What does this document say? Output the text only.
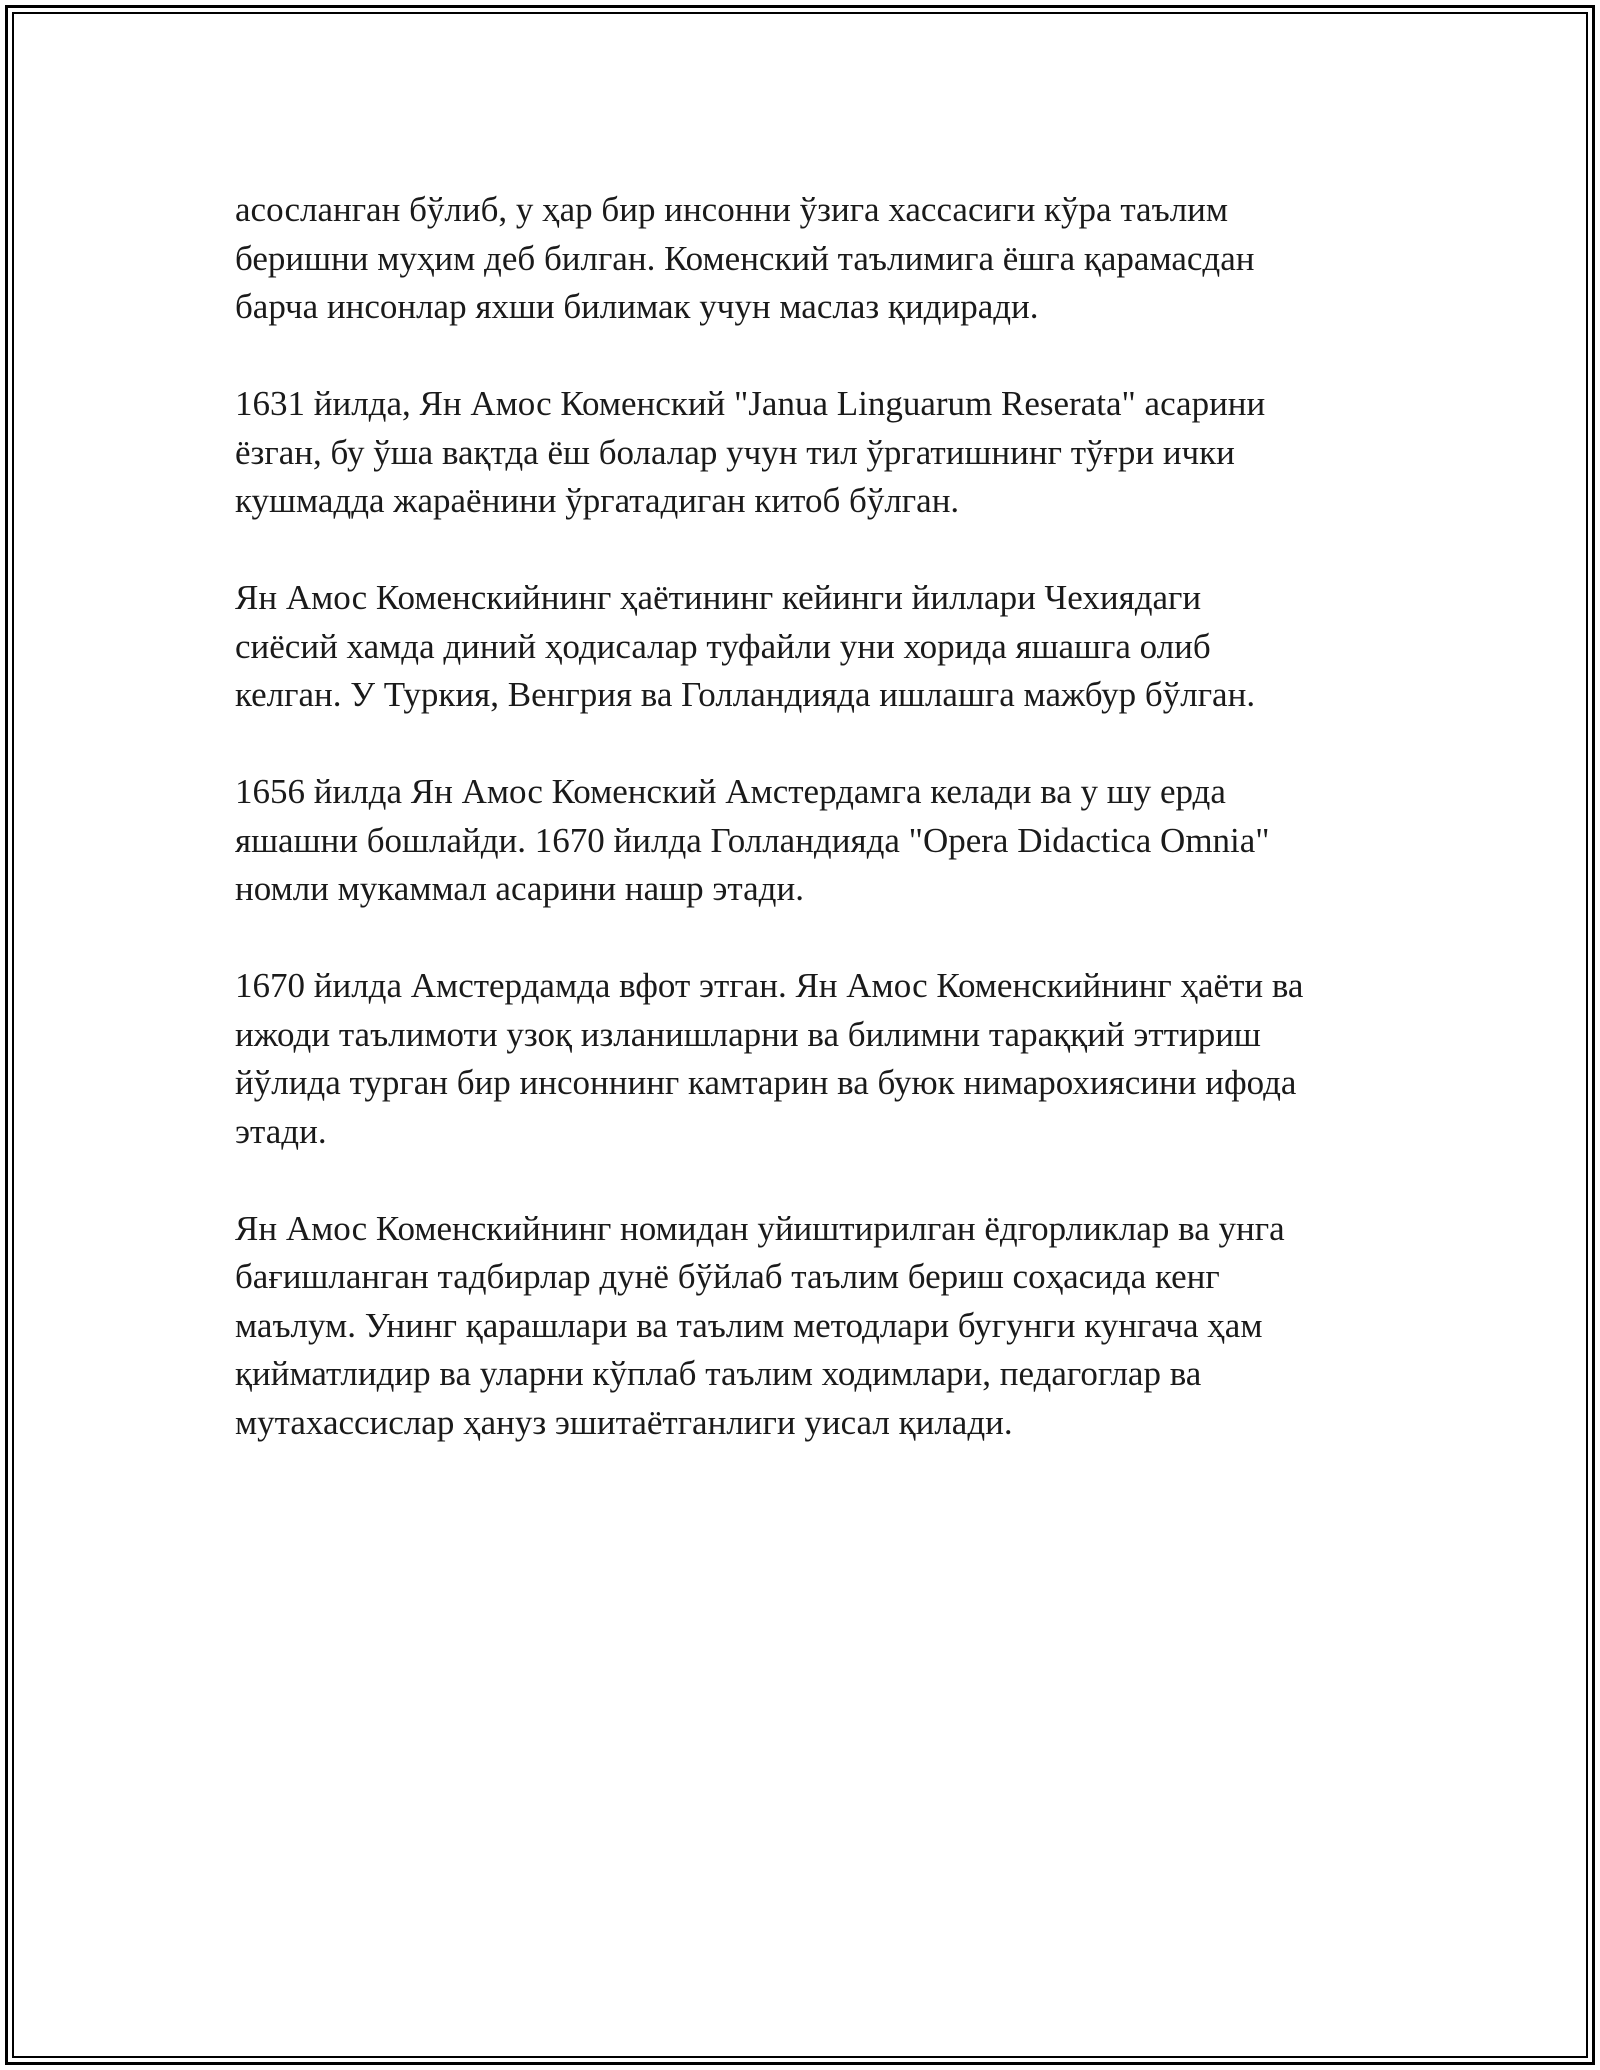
асосланган бўлиб, у ҳар бир инсонни ўзига хассасиги кўра таълим
беришни муҳим деб билган. Коменский таълимига ёшга қарамасдан
барча инсонлар яхши билимак учун маслаз қидиради.

1631 йилда, Ян Амос Коменский "Janua Linguarum Reserata" асарини
ёзган, бу ўша вақтда ёш болалар учун тил ўргатишнинг тўғри ички
кушмадда жараёнини ўргатадиган китоб бўлган.

Ян Амос Коменскийнинг ҳаётининг кейинги йиллари Чехиядаги
сиёсий хамда диний ҳодисалар туфайли уни хорида яшашга олиб
келган. У Туркия, Венгрия ва Голландияда ишлашга мажбур бўлган.

1656 йилда Ян Амос Коменский Амстердамга келади ва у шу ерда
яшашни бошлайди. 1670 йилда Голландияда "Opera Didactica Omnia"
номли мукаммал асарини нашр этади.

1670 йилда Амстердамда вфот этган. Ян Амос Коменскийнинг ҳаёти ва
ижоди таълимоти узоқ изланишларни ва билимни тараққий эттириш
йўлида турган бир инсоннинг камтарин ва буюк нимарохиясини ифода
этади.

Ян Амос Коменскийнинг номидан уйиштирилган ёдгорликлар ва унга
бағишланган тадбирлар дунё бўйлаб таълим бериш соҳасида кенг
маълум. Унинг қарашлари ва таълим методлари бугунги кунгача ҳам
қийматлидир ва уларни кўплаб таълим ходимлари, педагоглар ва
мутахассислар ҳануз эшитаётганлиги уисал қилади.
